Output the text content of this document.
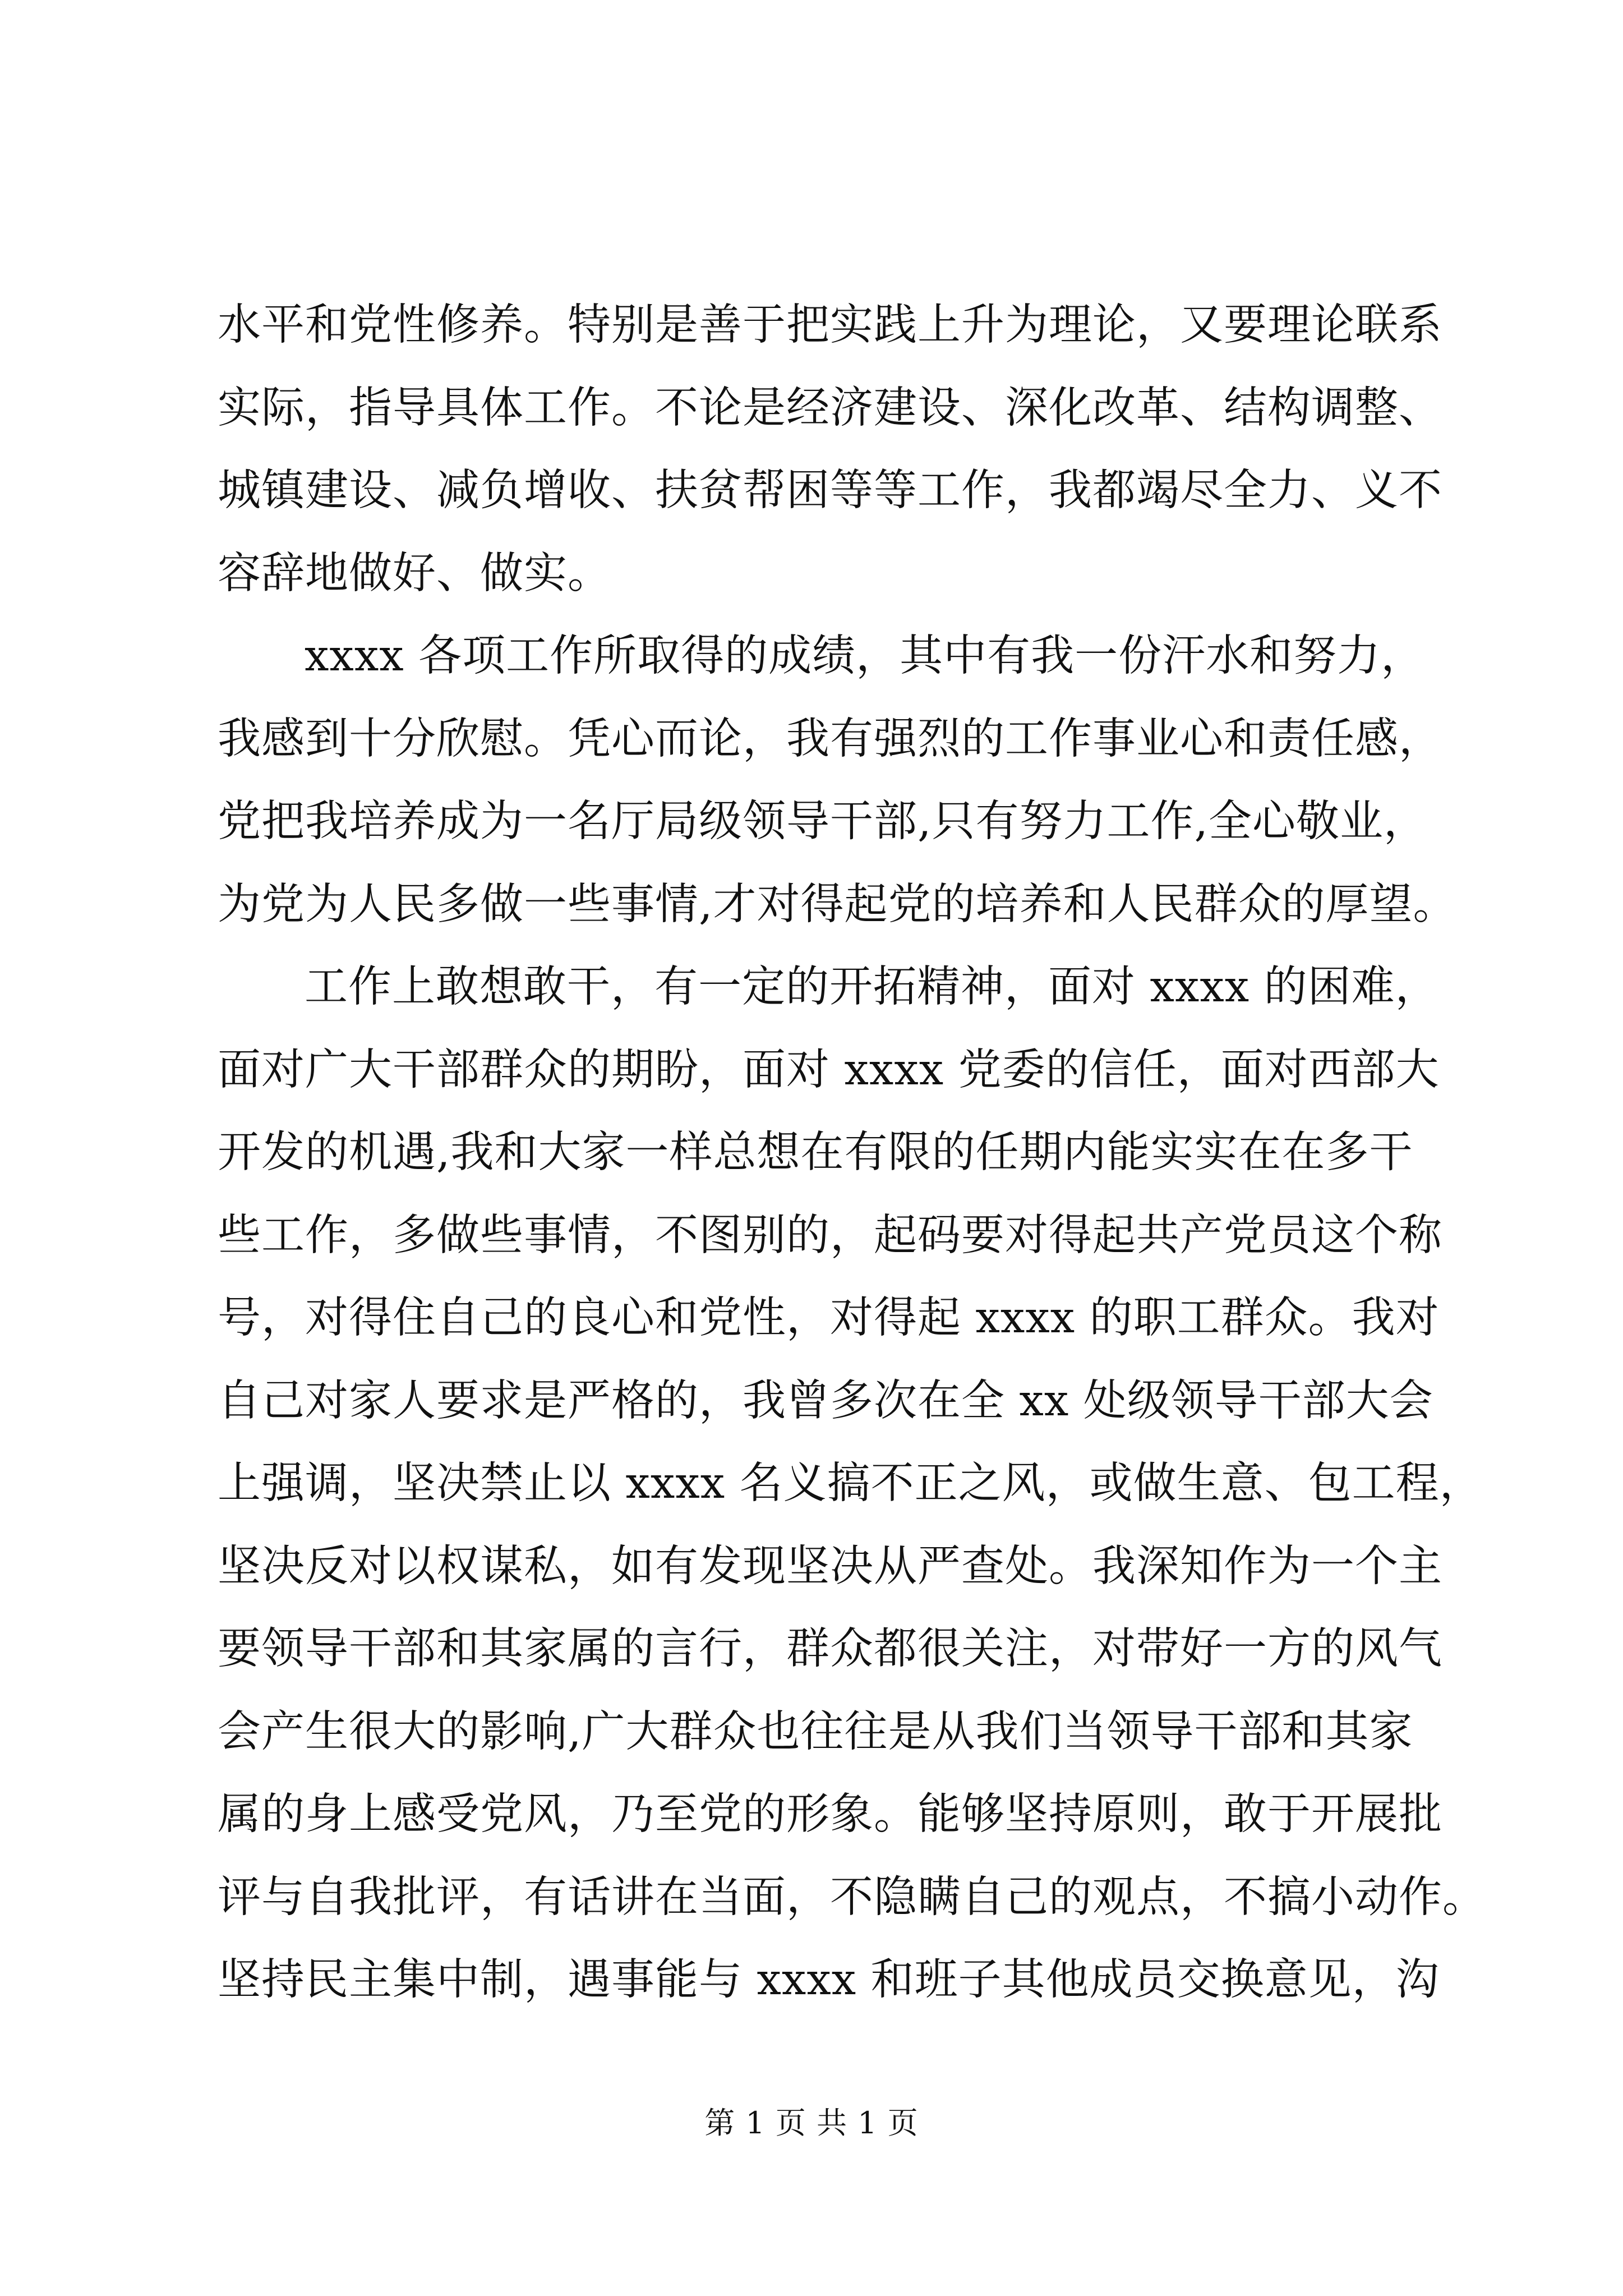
水平和党性修养。特别是善于把实践上升为理论，又要理论联系
实际，指导具体工作。不论是经济建设、深化改革、结构调整、
城镇建设、减负增收、扶贫帮困等等工作，我都竭尽全力、义不
容辞地做好、做实。
xxxx 各项工作所取得的成绩，其中有我一份汗水和努力，
我感到十分欣慰。凭心而论，我有强烈的工作事业心和责任感，
党把我培养成为一名厅局级领导干部,只有努力工作,全心敬业，
为党为人民多做一些事情,才对得起党的培养和人民群众的厚望。
工作上敢想敢干，有一定的开拓精神，面对 xxxx 的困难，
面对广大干部群众的期盼，面对 xxxx 党委的信任，面对西部大
开发的机遇,我和大家一样总想在有限的任期内能实实在在多干
些工作，多做些事情，不图别的，起码要对得起共产党员这个称
号，对得住自己的良心和党性，对得起 xxxx 的职工群众。我对
自己对家人要求是严格的，我曾多次在全 xx 处级领导干部大会
上强调，坚决禁止以 xxxx 名义搞不正之风，或做生意、包工程，
坚决反对以权谋私，如有发现坚决从严查处。我深知作为一个主
要领导干部和其家属的言行，群众都很关注，对带好一方的风气
会产生很大的影响,广大群众也往往是从我们当领导干部和其家
属的身上感受党风，乃至党的形象。能够坚持原则，敢于开展批
评与自我批评，有话讲在当面，不隐瞒自己的观点，不搞小动作。
坚持民主集中制，遇事能与 xxxx 和班子其他成员交换意见，沟
第 1 页 共 1 页
